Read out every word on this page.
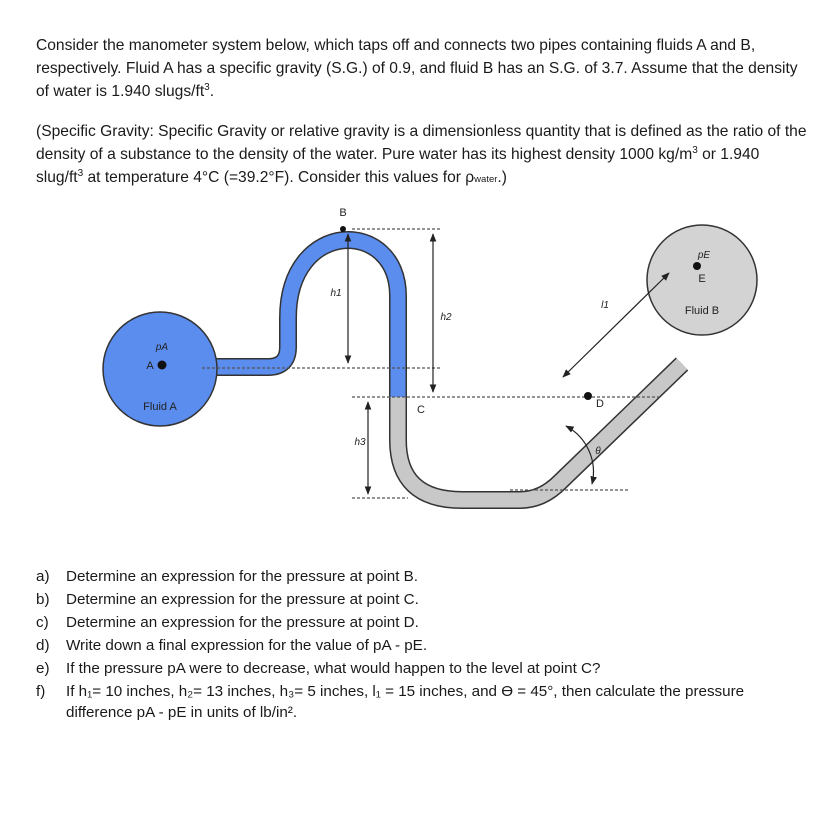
Consider the manometer system below, which taps off and connects two pipes containing fluids A and B, respectively. Fluid A has a specific gravity (S.G.) of 0.9, and fluid B has an S.G. of 3.7. Assume that the density of water is 1.940 slugs/$ft^3$.

(Specific Gravity: Specific Gravity or relative gravity is a dimensionless quantity that is defined as the ratio of the density of a substance to the density of the water. Pure water has its highest density 1000 $kg/m^3$ or 1.940 slug/$ft^3$ at temperature 4°C (=39.2°F). Consider this values for ρwater.)

B
C	D
E
pA
pE
A
Fluid A
Fluid B
h1
h2
h3
l1
θ

a) Determine an expression for the pressure at point B.

b) Determine an expression for the pressure at point C.

c) Determine an expression for the pressure at point D.

d) Write down a final expression for the value of pA - pE.

e) If the pressure pA were to decrease, what would happen to the level at point C?

f) If h₁= 10 inches, h₂= 13 inches, h₃= 5 inches, l₁ = 15 inches, and ϴ = 45°, then calculate the pressure difference pA - pE in units of lb/in².
